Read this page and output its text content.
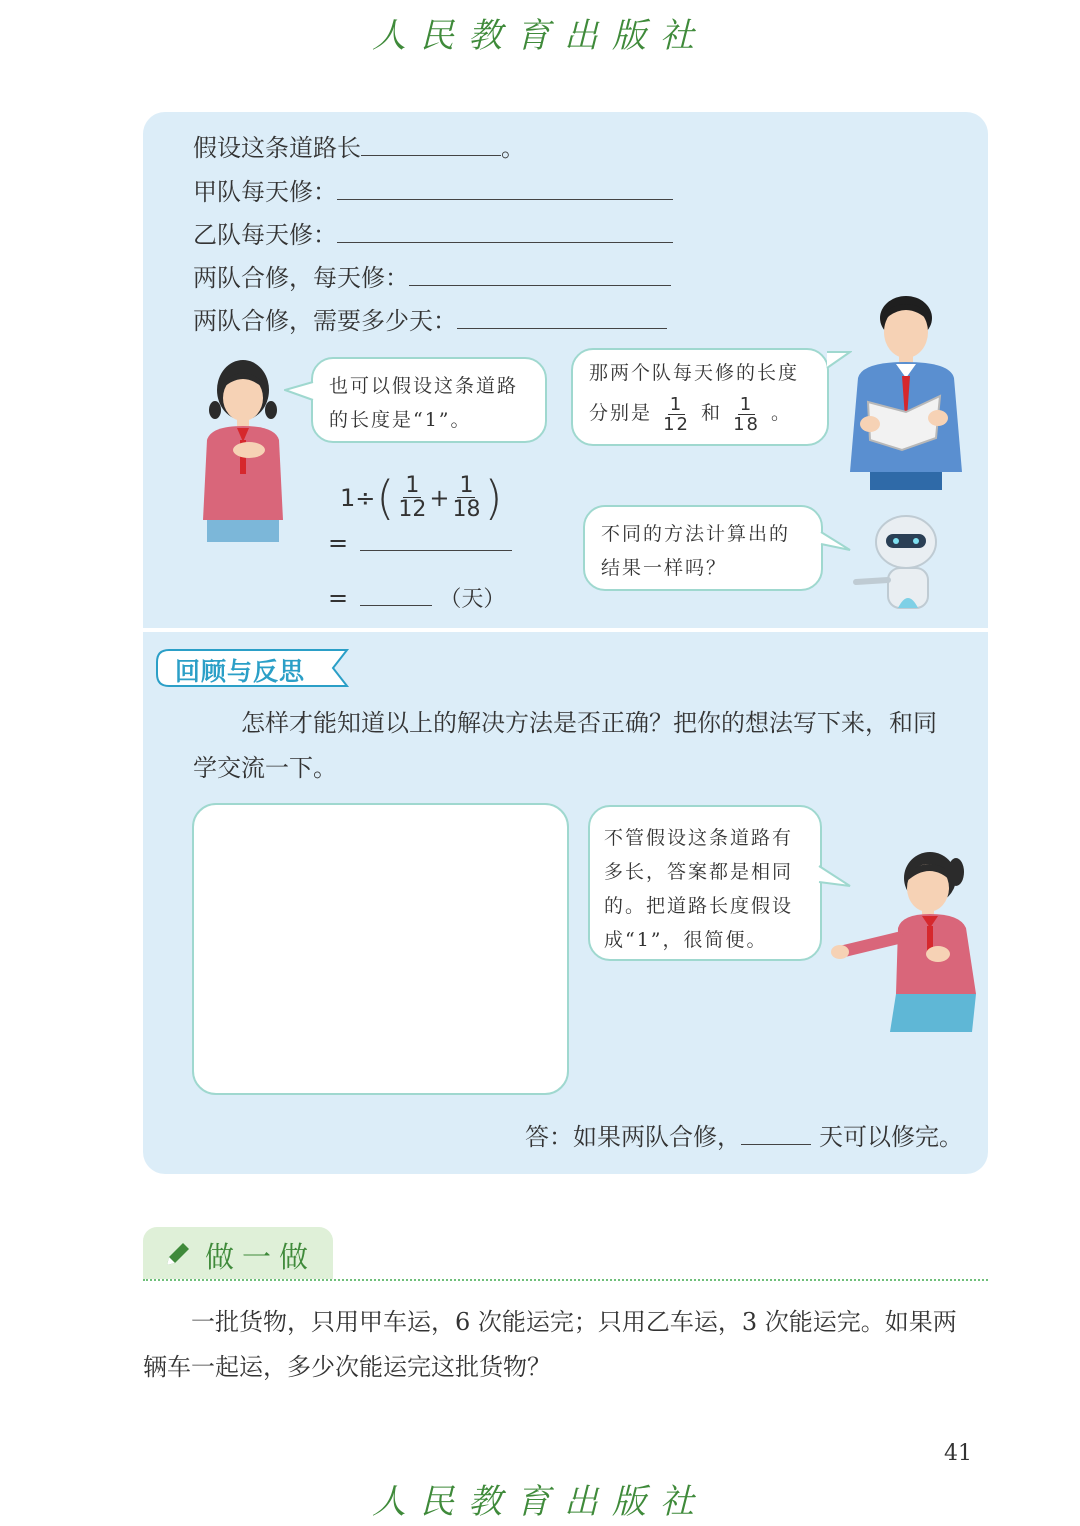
人民教育出版社
假设这条道路长	。
甲队每天修：
乙队每天修：
两队合修，每天修：
两队合修，需要多少天：
也可以假设这条道路的长度是“1”。
那两个队每天修的长度
分别是 $\frac{1}{12}$ 和 $\frac{1}{18}$ 。
1÷ ( $\frac{1}{12} + \frac{1}{18}$ )
=
=	（天）
不同的方法计算出的结果一样吗？
回顾与反思
怎样才能知道以上的解决方法是否正确？把你的想法写下来，和同
学交流一下。
不管假设这条道路有多长，答案都是相同的。把道路长度假设成“1”，很简便。
答：如果两队合修，	天可以修完。
做一做
一批货物，只用甲车运，6 次能运完；只用乙车运，3 次能运完。如果两
辆车一起运，多少次能运完这批货物？
41
人民教育出版社
